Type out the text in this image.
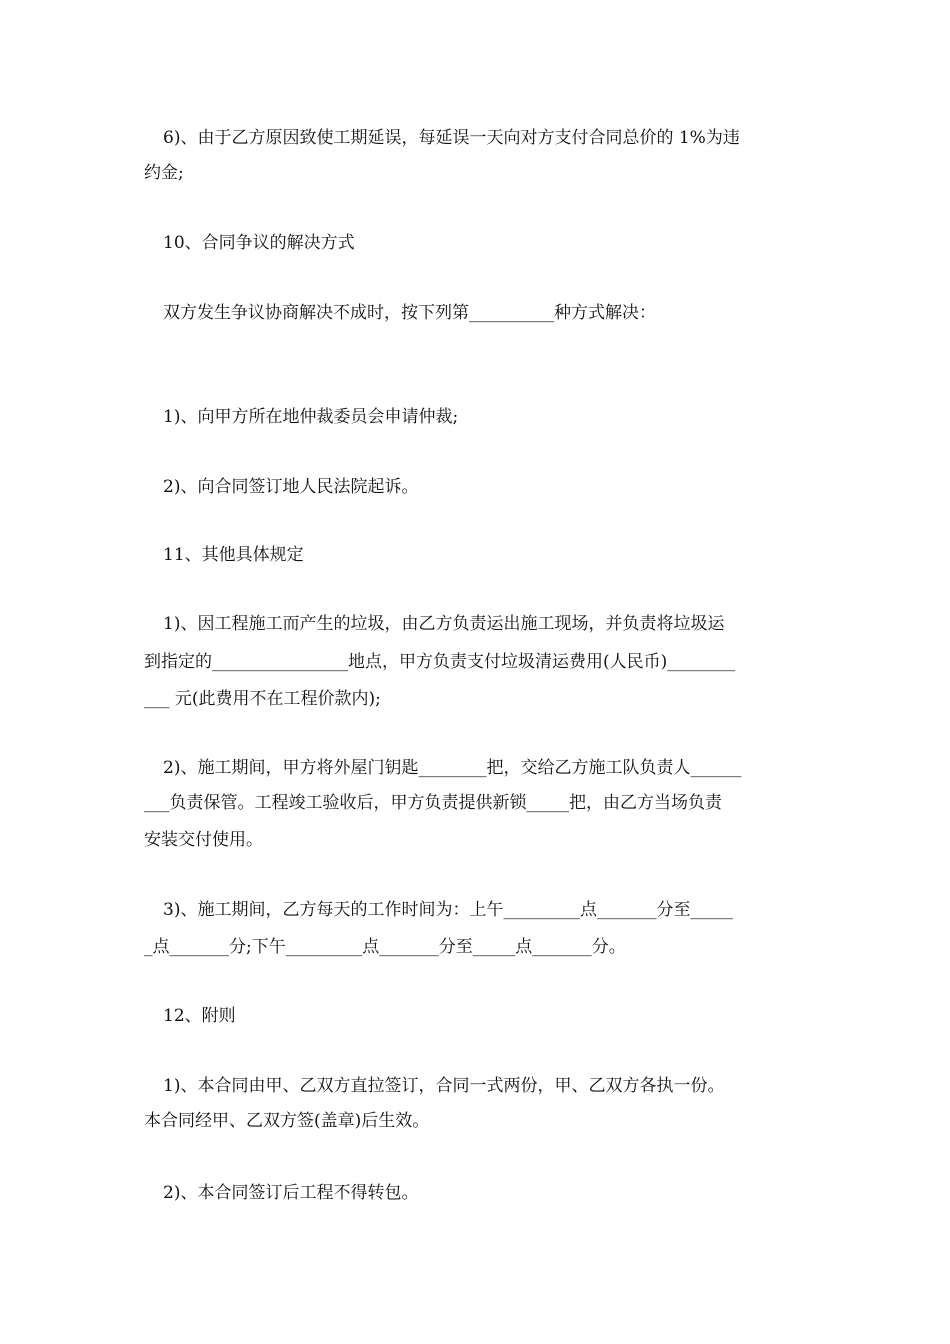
6)、由于乙方原因致使工期延误，每延误一天向对方支付合同总价的 1%为违
约金;
10、合同争议的解决方式
双方发生争议协商解决不成时，按下列第__________种方式解决：
1)、向甲方所在地仲裁委员会申请仲裁;
2)、向合同签订地人民法院起诉。
11、其他具体规定
1)、因工程施工而产生的垃圾，由乙方负责运出施工现场，并负责将垃圾运
到指定的________________地点，甲方负责支付垃圾清运费用(人民币)________
___ 元(此费用不在工程价款内);
2)、施工期间，甲方将外屋门钥匙________把，交给乙方施工队负责人______
___负责保管。工程竣工验收后，甲方负责提供新锁_____把，由乙方当场负责
安装交付使用。
3)、施工期间，乙方每天的工作时间为：上午_________点_______分至_____
_点_______分;下午_________点_______分至_____点_______分。
12、附则
1)、本合同由甲、乙双方直拉签订，合同一式两份，甲、乙双方各执一份。
本合同经甲、乙双方签(盖章)后生效。
2)、本合同签订后工程不得转包。
